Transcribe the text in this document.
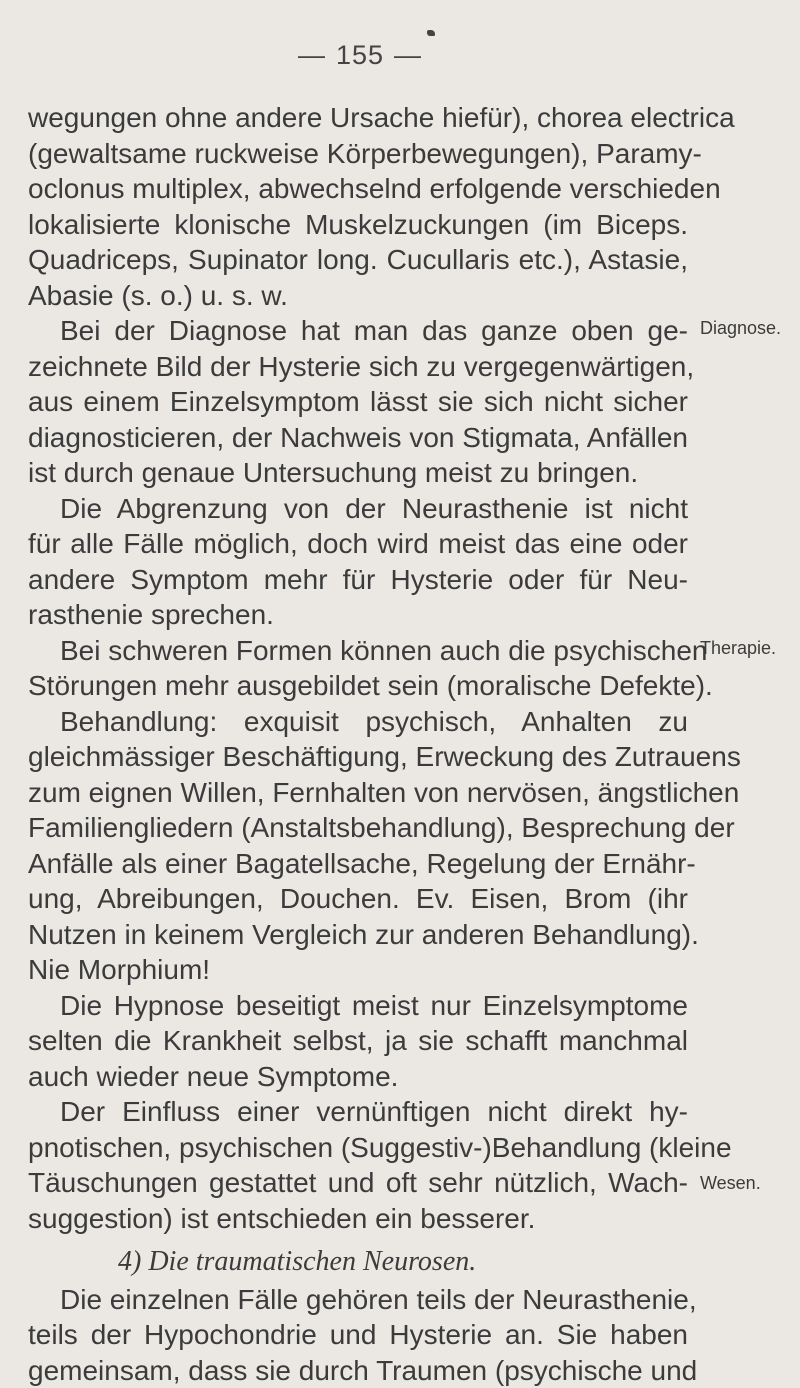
— 155 —
wegungen ohne andere Ursache hiefür), chorea electrica
(gewaltsame ruckweise Körperbewegungen), Paramy-
oclonus multiplex, abwechselnd erfolgende verschieden
lokalisierte klonische Muskelzuckungen (im Biceps.
Quadriceps, Supinator long. Cucullaris etc.), Astasie,
Abasie (s. o.) u. s. w.
Bei der Diagnose hat man das ganze oben ge-
zeichnete Bild der Hysterie sich zu vergegenwärtigen,
aus einem Einzelsymptom lässt sie sich nicht sicher
diagnosticieren, der Nachweis von Stigmata, Anfällen
ist durch genaue Untersuchung meist zu bringen.
Die Abgrenzung von der Neurasthenie ist nicht
für alle Fälle möglich, doch wird meist das eine oder
andere Symptom mehr für Hysterie oder für Neu-
rasthenie sprechen.
Bei schweren Formen können auch die psychischen
Störungen mehr ausgebildet sein (moralische Defekte).
Behandlung: exquisit psychisch, Anhalten zu
gleichmässiger Beschäftigung, Erweckung des Zutrauens
zum eignen Willen, Fernhalten von nervösen, ängstlichen
Familiengliedern (Anstaltsbehandlung), Besprechung der
Anfälle als einer Bagatellsache, Regelung der Ernähr-
ung, Abreibungen, Douchen. Ev. Eisen, Brom (ihr
Nutzen in keinem Vergleich zur anderen Behandlung).
Nie Morphium!
Die Hypnose beseitigt meist nur Einzelsymptome
selten die Krankheit selbst, ja sie schafft manchmal
auch wieder neue Symptome.
Der Einfluss einer vernünftigen nicht direkt hy-
pnotischen, psychischen (Suggestiv-)Behandlung (kleine
Täuschungen gestattet und oft sehr nützlich, Wach-
suggestion) ist entschieden ein besserer.
4) Die traumatischen Neurosen.
Die einzelnen Fälle gehören teils der Neurasthenie,
teils der Hypochondrie und Hysterie an. Sie haben
gemeinsam, dass sie durch Traumen (psychische und
Diagnose.
Therapie.
Wesen.
